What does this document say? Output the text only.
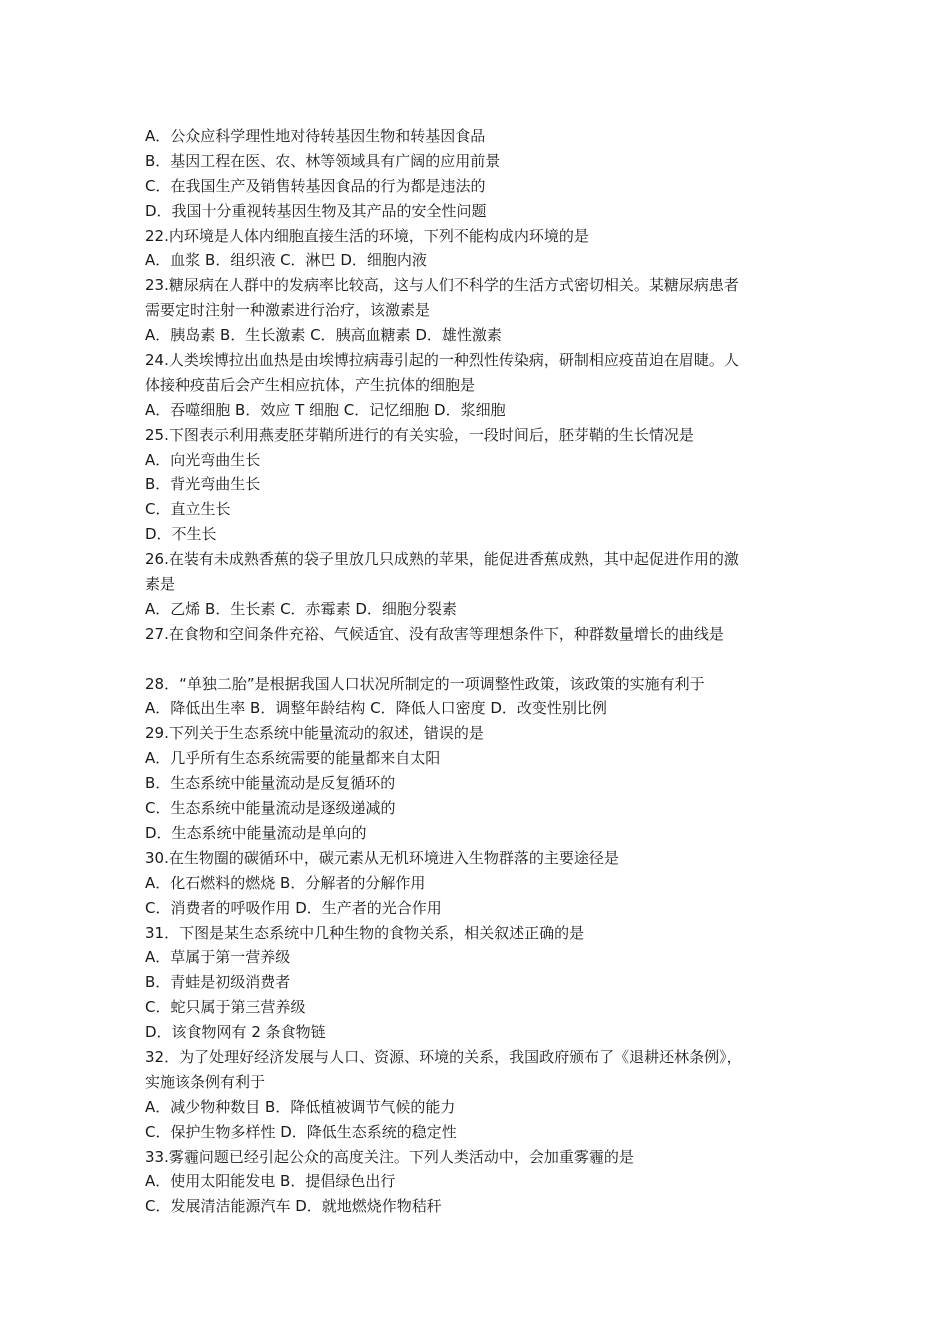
A．公众应科学理性地对待转基因生物和转基因食品
B．基因工程在医、农、林等领域具有广阔的应用前景
C．在我国生产及销售转基因食品的行为都是违法的
D．我国十分重视转基因生物及其产品的安全性问题
22.内环境是人体内细胞直接生活的环境，下列不能构成内环境的是
A．血浆 B．组织液 C．淋巴 D．细胞内液
23.糖尿病在人群中的发病率比较高，这与人们不科学的生活方式密切相关。某糖尿病患者
需要定时注射一种激素进行治疗，该激素是
A．胰岛素 B．生长激素 C．胰高血糖素 D．雄性激素
24.人类埃博拉出血热是由埃博拉病毒引起的一种烈性传染病，研制相应疫苗迫在眉睫。人
体接种疫苗后会产生相应抗体，产生抗体的细胞是
A．吞噬细胞 B．效应 T 细胞 C．记忆细胞 D．浆细胞
25.下图表示利用燕麦胚芽鞘所进行的有关实验，一段时间后，胚芽鞘的生长情况是
A．向光弯曲生长
B．背光弯曲生长
C．直立生长
D．不生长
26.在装有未成熟香蕉的袋子里放几只成熟的苹果，能促进香蕉成熟，其中起促进作用的激
素是
A．乙烯 B．生长素 C．赤霉素 D．细胞分裂素
27.在食物和空间条件充裕、气候适宜、没有敌害等理想条件下，种群数量增长的曲线是
28．“单独二胎”是根据我国人口状况所制定的一项调整性政策，该政策的实施有利于
A．降低出生率 B．调整年龄结构 C．降低人口密度 D．改变性别比例
29.下列关于生态系统中能量流动的叙述，错误的是
A．几乎所有生态系统需要的能量都来自太阳
B．生态系统中能量流动是反复循环的
C．生态系统中能量流动是逐级递减的
D．生态系统中能量流动是单向的
30.在生物圈的碳循环中，碳元素从无机环境进入生物群落的主要途径是
A．化石燃料的燃烧 B．分解者的分解作用
C．消费者的呼吸作用 D．生产者的光合作用
31．下图是某生态系统中几种生物的食物关系，相关叙述正确的是
A．草属于第一营养级
B．青蛙是初级消费者
C．蛇只属于第三营养级
D．该食物网有 2 条食物链
32．为了处理好经济发展与人口、资源、环境的关系，我国政府颁布了《退耕还林条例》，
实施该条例有利于
A．减少物种数目 B．降低植被调节气候的能力
C．保护生物多样性 D．降低生态系统的稳定性
33.雾霾问题已经引起公众的高度关注。下列人类活动中，会加重雾霾的是
A．使用太阳能发电 B．提倡绿色出行
C．发展清洁能源汽车 D．就地燃烧作物秸秆
